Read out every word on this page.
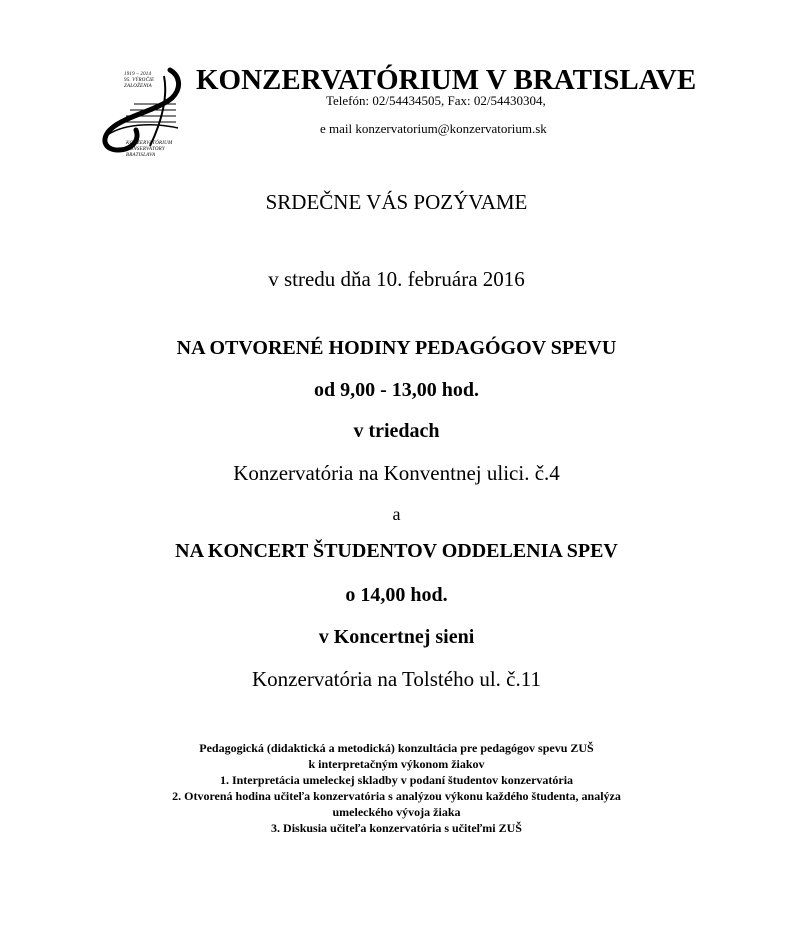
1919 – 2014
95. VÝROČIE
ZALOŽENIA
KONZERVATÓRIUM
CONSERVATORY
BRATISLAVA
KONZERVATÓRIUM V BRATISLAVE
Telefón: 02/54434505, Fax: 02/54430304,
e mail konzervatorium@konzervatorium.sk
SRDEČNE VÁS POZÝVAME
v stredu dňa 10. februára 2016
NA OTVORENÉ HODINY PEDAGÓGOV SPEVU
od 9,00 - 13,00 hod.
v triedach
Konzervatória na Konventnej ulici. č.4
a
NA KONCERT ŠTUDENTOV ODDELENIA SPEV
o 14,00 hod.
v Koncertnej sieni
Konzervatória na Tolstého ul. č.11
Pedagogická (didaktická a metodická) konzultácia pre pedagógov spevu ZUŠ
k interpretačným výkonom žiakov
1. Interpretácia umeleckej skladby v podaní študentov konzervatória
2. Otvorená hodina učiteľa konzervatória s analýzou výkonu každého študenta, analýza
umeleckého vývoja žiaka
3. Diskusia učiteľa konzervatória s učiteľmi ZUŠ
